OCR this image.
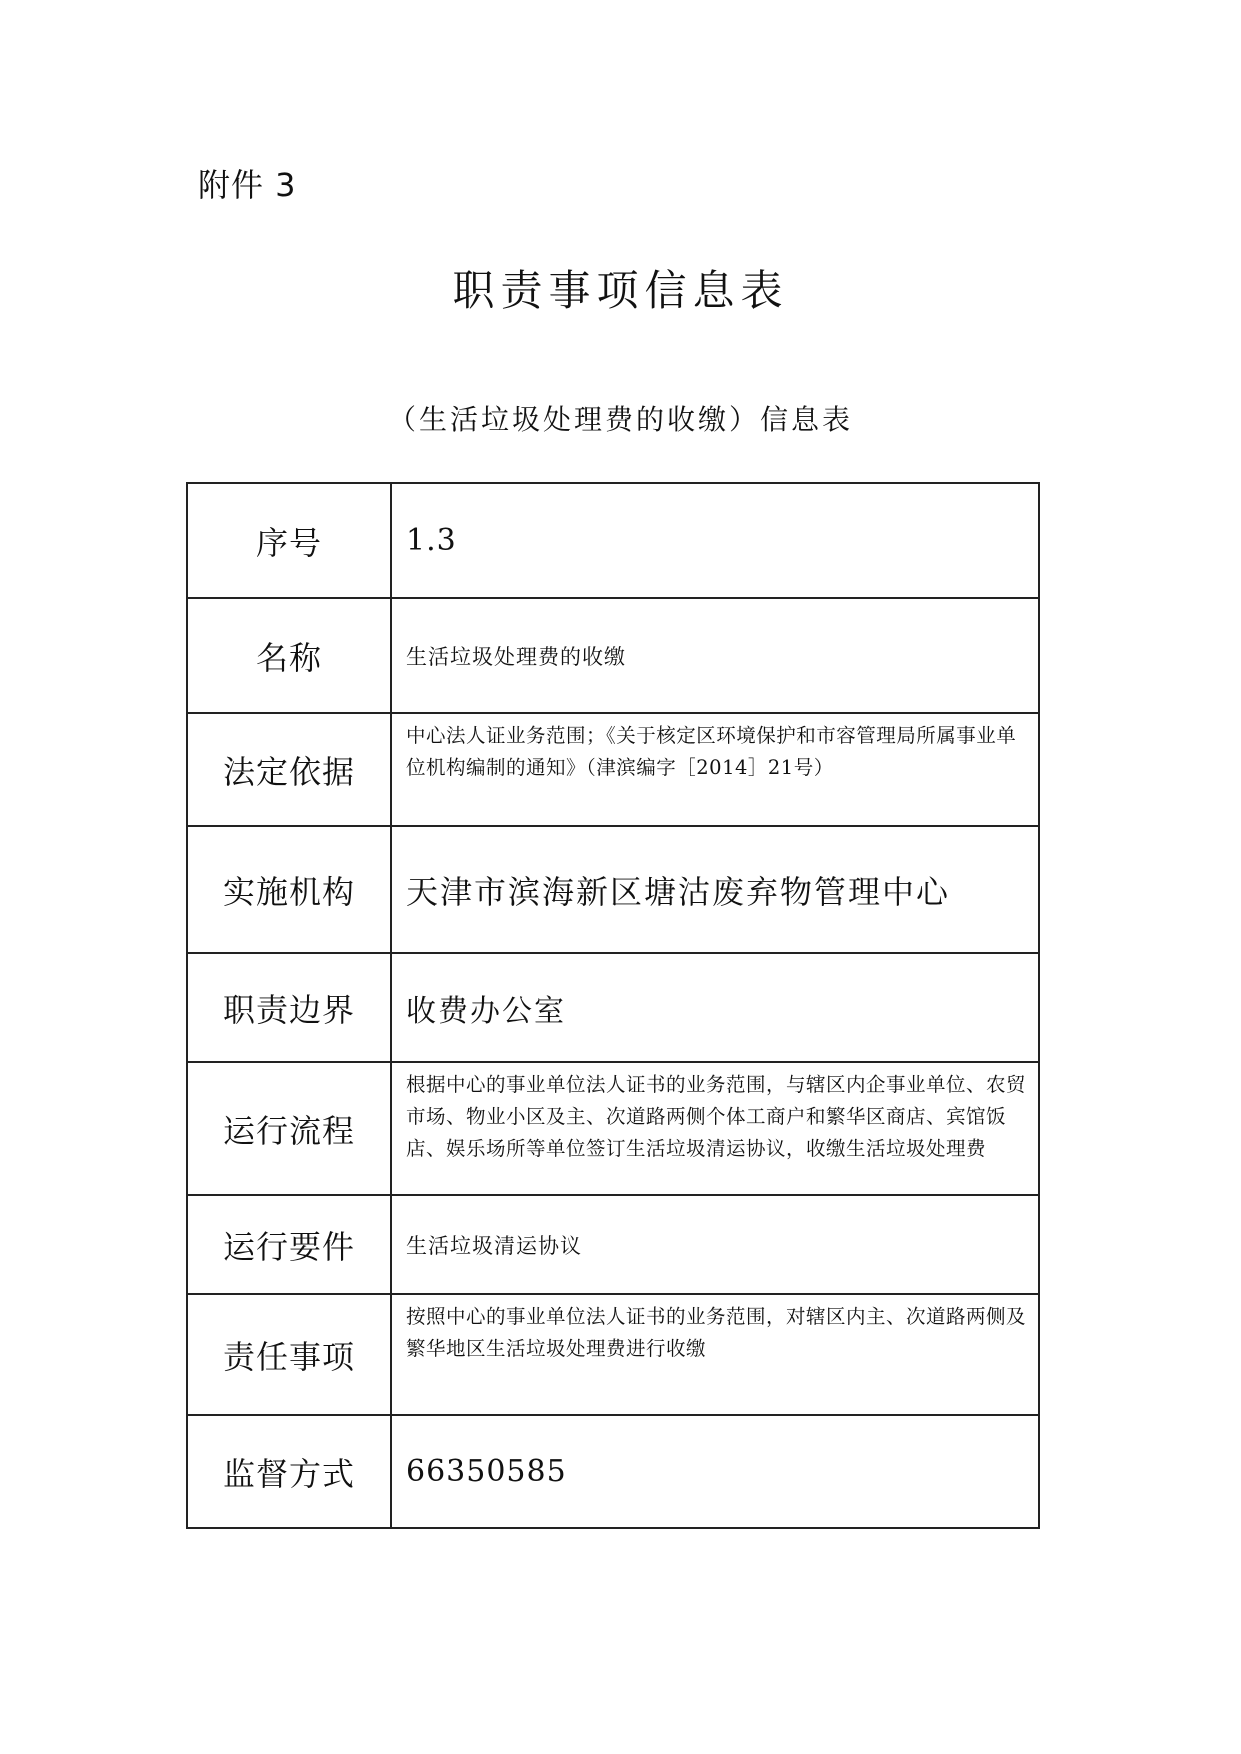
附件 3
职责事项信息表
（生活垃圾处理费的收缴）信息表
序号	1.3
名称	生活垃圾处理费的收缴
法定依据	中心法人证业务范围；《关于核定区环境保护和市容管理局所属事业单位机构编制的通知》（津滨编字［2014］21号）
实施机构	天津市滨海新区塘沽废弃物管理中心
职责边界	收费办公室
运行流程	根据中心的事业单位法人证书的业务范围，与辖区内企事业单位、农贸市场、物业小区及主、次道路两侧个体工商户和繁华区商店、宾馆饭店、娱乐场所等单位签订生活垃圾清运协议，收缴生活垃圾处理费
运行要件	生活垃圾清运协议
责任事项	按照中心的事业单位法人证书的业务范围，对辖区内主、次道路两侧及繁华地区生活垃圾处理费进行收缴
监督方式	66350585
